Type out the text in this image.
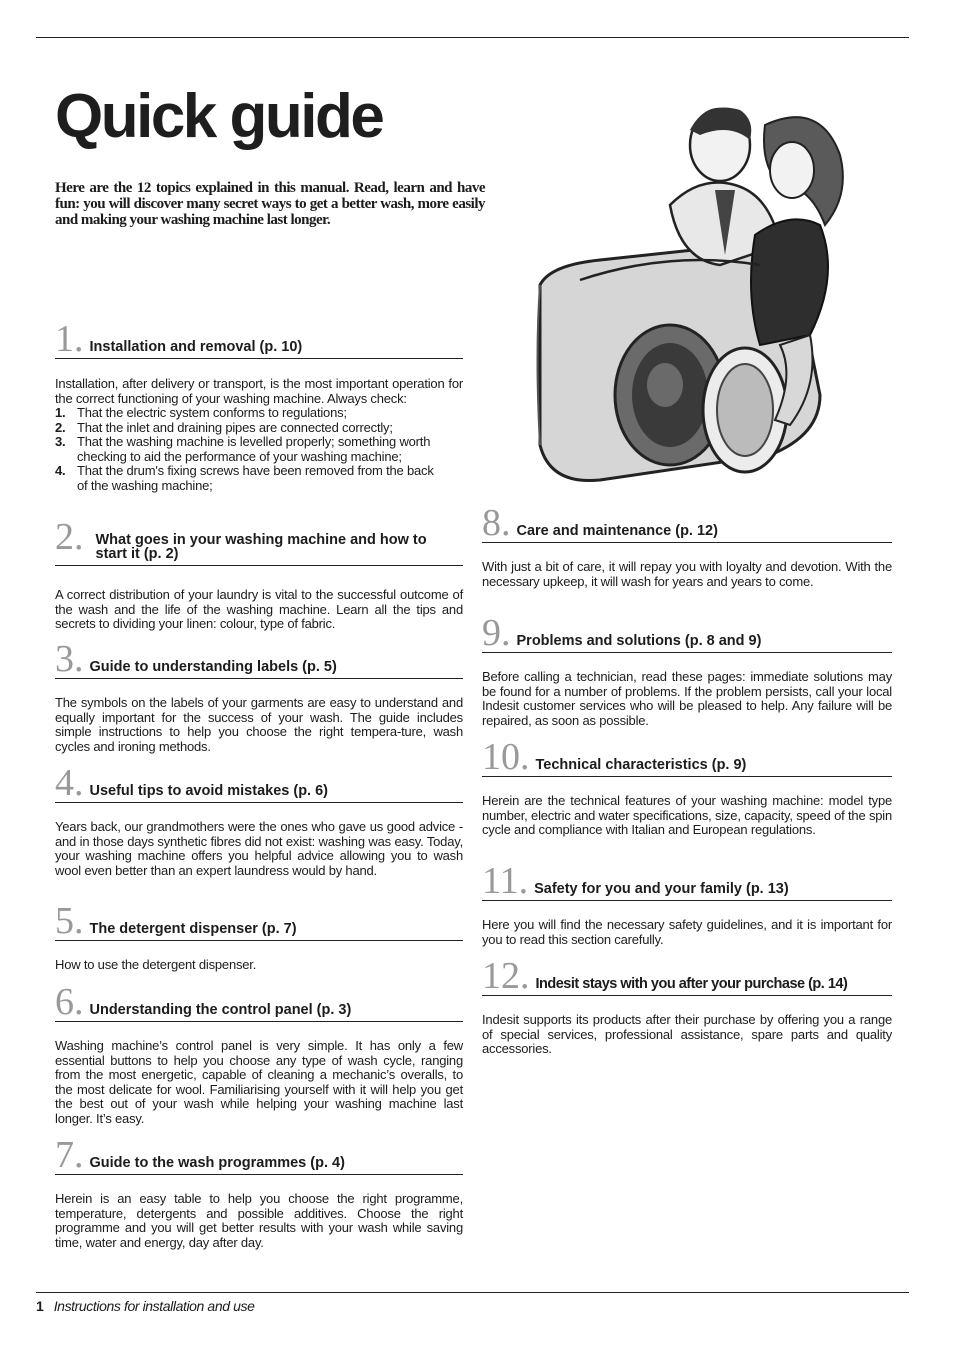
Quick guide

Here are the 12 topics explained in this manual. Read, learn and have fun: you will discover many secret ways to get a better wash, more easily and making your washing machine last longer.

1. Installation and removal (p. 10)

Installation, after delivery or transport, is the most important operation for the correct functioning of your washing machine. Always check:

1. That the electric system conforms to regulations;
2. That the inlet and draining pipes are connected correctly;
3. That the washing machine is levelled properly; something worth checking to aid the performance of your washing machine;
4. That the drum's fixing screws have been removed from the back of the washing machine;
2. What goes in your washing machine and how to start it (p. 2)

A correct distribution of your laundry is vital to the successful outcome of the wash and the life of the washing machine. Learn all the tips and secrets to dividing your linen: colour, type of fabric.

3. Guide to understanding labels (p. 5)

The symbols on the labels of your garments are easy to understand and equally important for the success of your wash. The guide includes simple instructions to help you choose the right tempera-ture, wash cycles and ironing methods.

4. Useful tips to avoid mistakes (p. 6)

Years back, our grandmothers were the ones who gave us good advice - and in those days synthetic fibres did not exist: washing was easy. Today, your washing machine offers you helpful advice allowing you to wash wool even better than an expert laundress would by hand.

5. The detergent dispenser (p. 7)

How to use the detergent dispenser.

6. Understanding the control panel (p. 3)

Washing machine’s control panel is very simple. It has only a few essential buttons to help you choose any type of wash cycle, ranging from the most energetic, capable of cleaning a mechanic’s overalls, to the most delicate for wool. Familiarising yourself with it will help you get the best out of your wash while helping your washing machine last longer. It’s easy.

7. Guide to the wash programmes (p. 4)

Herein is an easy table to help you choose the right programme, temperature, detergents and possible additives. Choose the right programme and you will get better results with your wash while saving time, water and energy, day after day.

8. Care and maintenance (p. 12)

With just a bit of care, it will repay you with loyalty and devotion. With the necessary upkeep, it will wash for years and years to come.

9. Problems and solutions (p. 8 and 9)

Before calling a technician, read these pages: immediate solutions may be found for a number of problems. If the problem persists, call your local Indesit customer services who will be pleased to help. Any failure will be repaired, as soon as possible.

10. Technical characteristics (p. 9)

Herein are the technical features of your washing machine: model type number, electric and water specifications, size, capacity, speed of the spin cycle and compliance with Italian and European regulations.

11. Safety for you and your family (p. 13)

Here you will find the necessary safety guidelines, and it is important for you to read this section carefully.

12. Indesit stays with you after your purchase (p. 14)

Indesit supports its products after their purchase by offering you a range of special services, professional assistance, spare parts and quality accessories.

1 Instructions for installation and use
